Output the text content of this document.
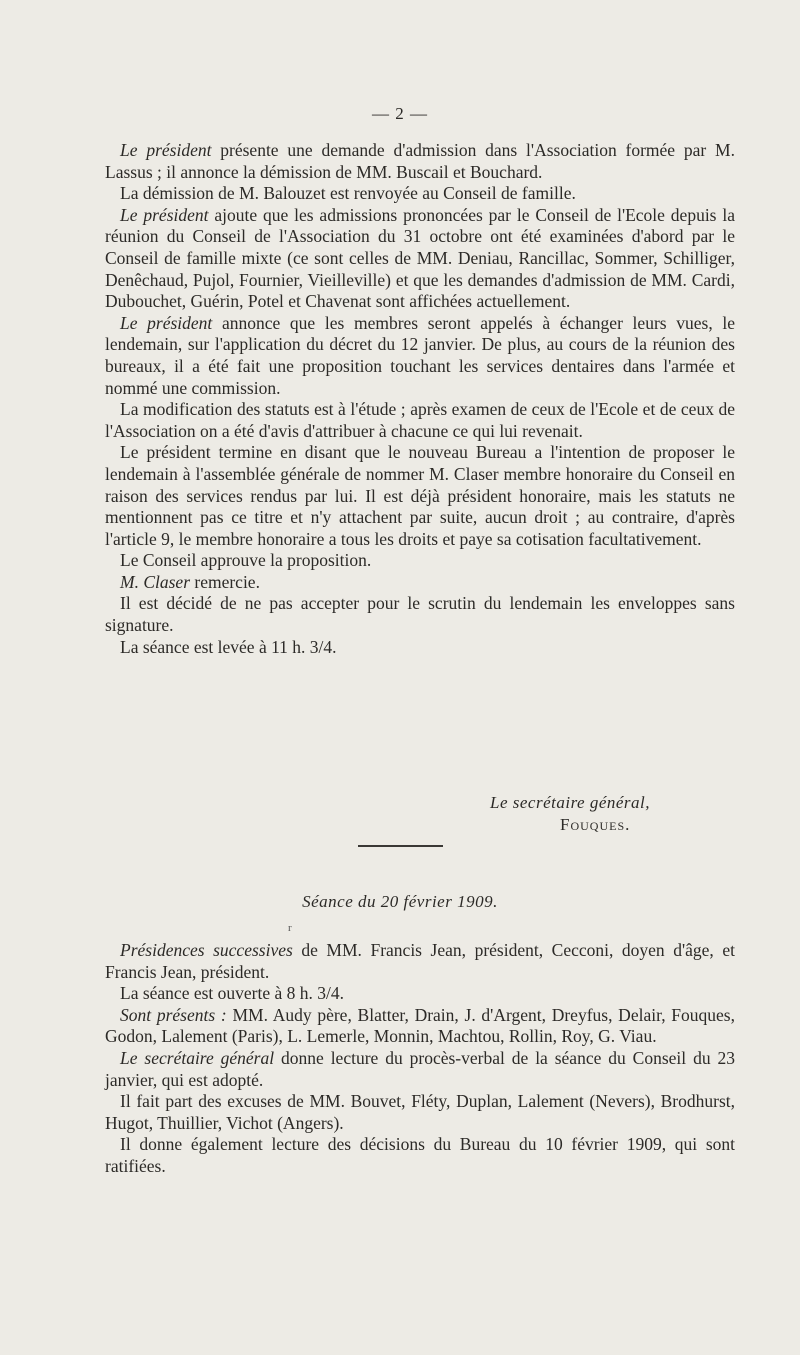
— 2 —

Le président présente une demande d'admission dans l'Association formée par M. Lassus ; il annonce la démission de MM. Buscail et Bouchard.

La démission de M. Balouzet est renvoyée au Conseil de famille.

Le président ajoute que les admissions prononcées par le Conseil de l'Ecole depuis la réunion du Conseil de l'Association du 31 octobre ont été examinées d'abord par le Conseil de famille mixte (ce sont celles de MM. Deniau, Rancillac, Sommer, Schilliger, Denêchaud, Pujol, Fournier, Vieilleville) et que les demandes d'admission de MM. Cardi, Dubouchet, Guérin, Potel et Chavenat sont affichées actuellement.

Le président annonce que les membres seront appelés à échanger leurs vues, le lendemain, sur l'application du décret du 12 janvier. De plus, au cours de la réunion des bureaux, il a été fait une proposition touchant les services dentaires dans l'armée et nommé une commission.

La modification des statuts est à l'étude ; après examen de ceux de l'Ecole et de ceux de l'Association on a été d'avis d'attribuer à chacune ce qui lui revenait.

Le président termine en disant que le nouveau Bureau a l'intention de proposer le lendemain à l'assemblée générale de nommer M. Claser membre honoraire du Conseil en raison des services rendus par lui. Il est déjà président honoraire, mais les statuts ne mentionnent pas ce titre et n'y attachent par suite, aucun droit ; au contraire, d'après l'article 9, le membre honoraire a tous les droits et paye sa cotisation facultativement.

Le Conseil approuve la proposition.

M. Claser remercie.

Il est décidé de ne pas accepter pour le scrutin du lendemain les enveloppes sans signature.

La séance est levée à 11 h. 3/4.

Le secrétaire général,
Fouques.
Séance du 20 février 1909.
r

Présidences successives de MM. Francis Jean, président, Cecconi, doyen d'âge, et Francis Jean, président.

La séance est ouverte à 8 h. 3/4.

Sont présents : MM. Audy père, Blatter, Drain, J. d'Argent, Dreyfus, Delair, Fouques, Godon, Lalement (Paris), L. Lemerle, Monnin, Machtou, Rollin, Roy, G. Viau.

Le secrétaire général donne lecture du procès-verbal de la séance du Conseil du 23 janvier, qui est adopté.

Il fait part des excuses de MM. Bouvet, Fléty, Duplan, Lalement (Nevers), Brodhurst, Hugot, Thuillier, Vichot (Angers).

Il donne également lecture des décisions du Bureau du 10 février 1909, qui sont ratifiées.
